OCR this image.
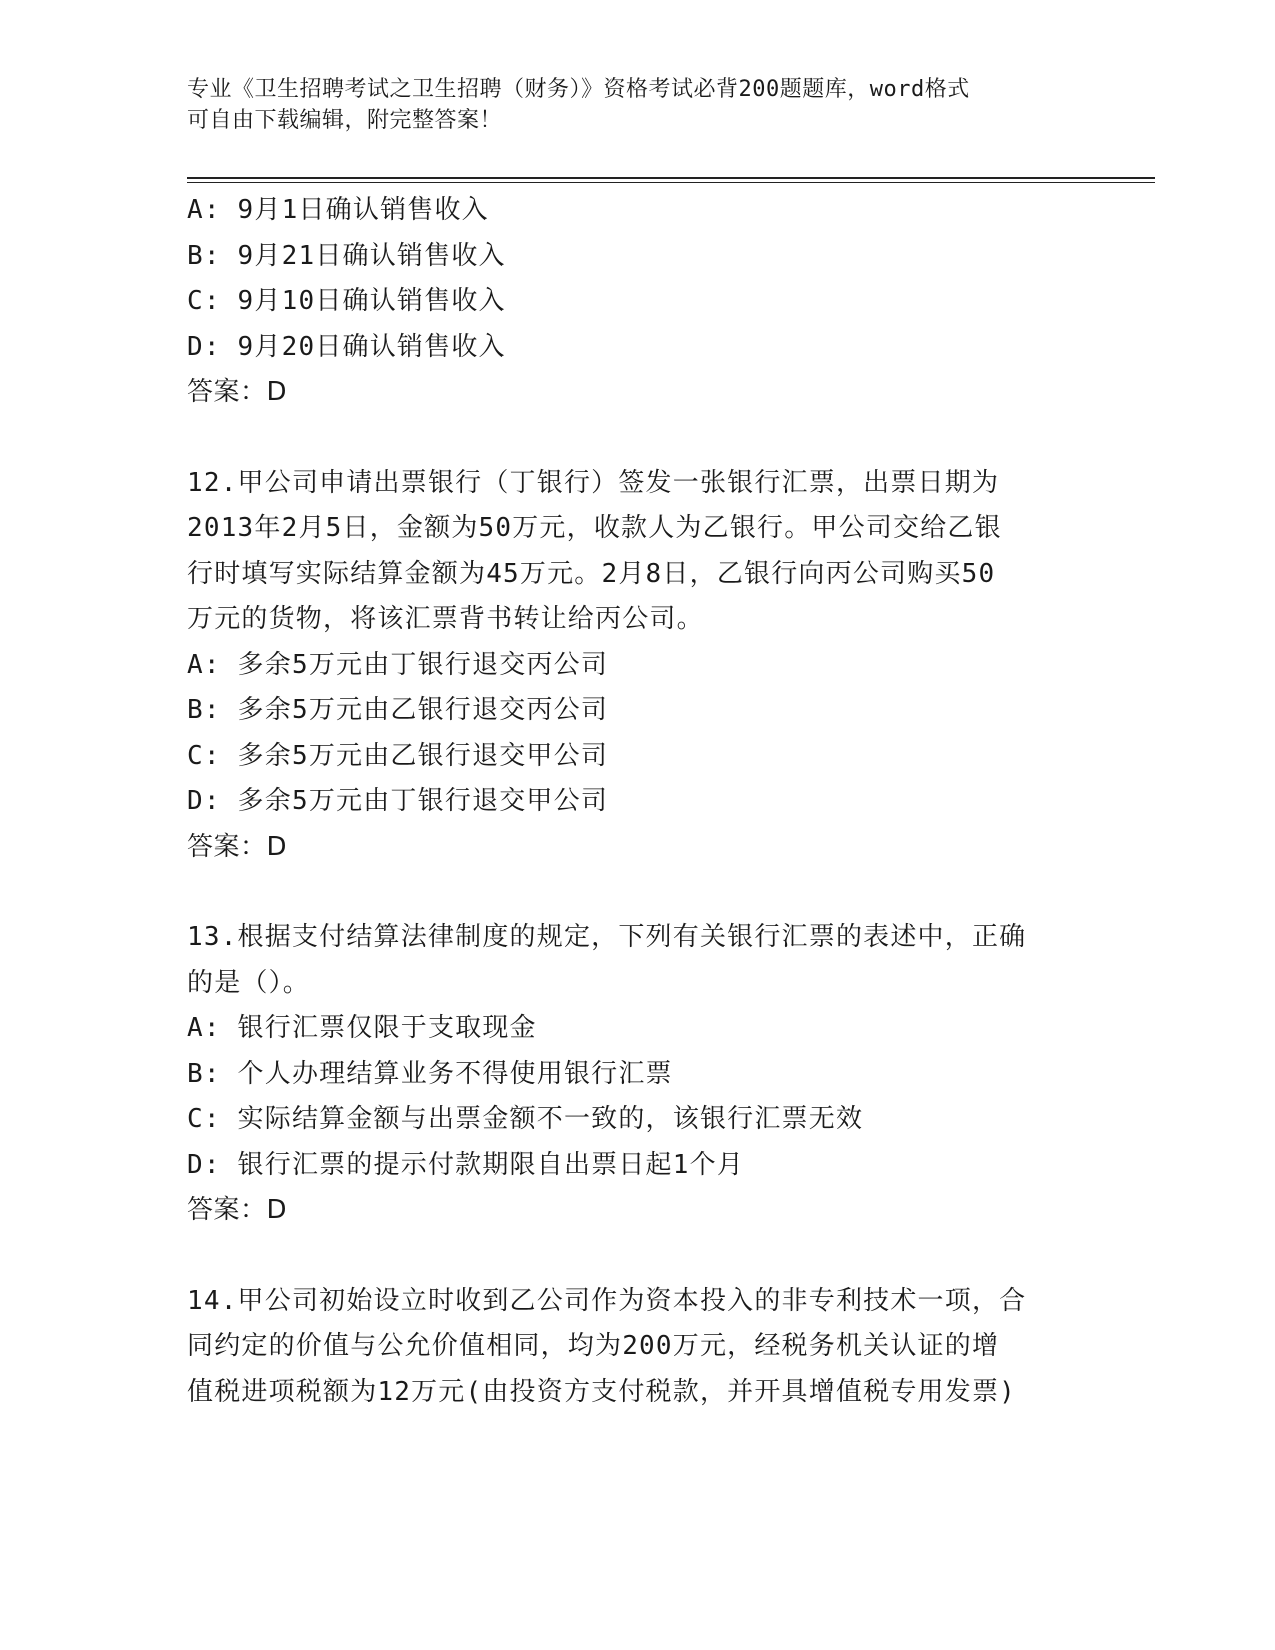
专业《卫生招聘考试之卫生招聘（财务）》资格考试必背200题题库，word格式
可自由下载编辑，附完整答案！
A: 9月1日确认销售收入
B: 9月21日确认销售收入
C: 9月10日确认销售收入
D: 9月20日确认销售收入
答案：D
12.甲公司申请出票银行（丁银行）签发一张银行汇票，出票日期为
2013年2月5日，金额为50万元，收款人为乙银行。甲公司交给乙银
行时填写实际结算金额为45万元。2月8日，乙银行向丙公司购买50
万元的货物，将该汇票背书转让给丙公司。
A: 多余5万元由丁银行退交丙公司
B: 多余5万元由乙银行退交丙公司
C: 多余5万元由乙银行退交甲公司
D: 多余5万元由丁银行退交甲公司
答案：D
13.根据支付结算法律制度的规定，下列有关银行汇票的表述中，正确
的是（）。
A: 银行汇票仅限于支取现金
B: 个人办理结算业务不得使用银行汇票
C: 实际结算金额与出票金额不一致的，该银行汇票无效
D: 银行汇票的提示付款期限自出票日起1个月
答案：D
14.甲公司初始设立时收到乙公司作为资本投入的非专利技术一项，合
同约定的价值与公允价值相同，均为200万元，经税务机关认证的增
值税进项税额为12万元(由投资方支付税款，并开具增值税专用发票)
